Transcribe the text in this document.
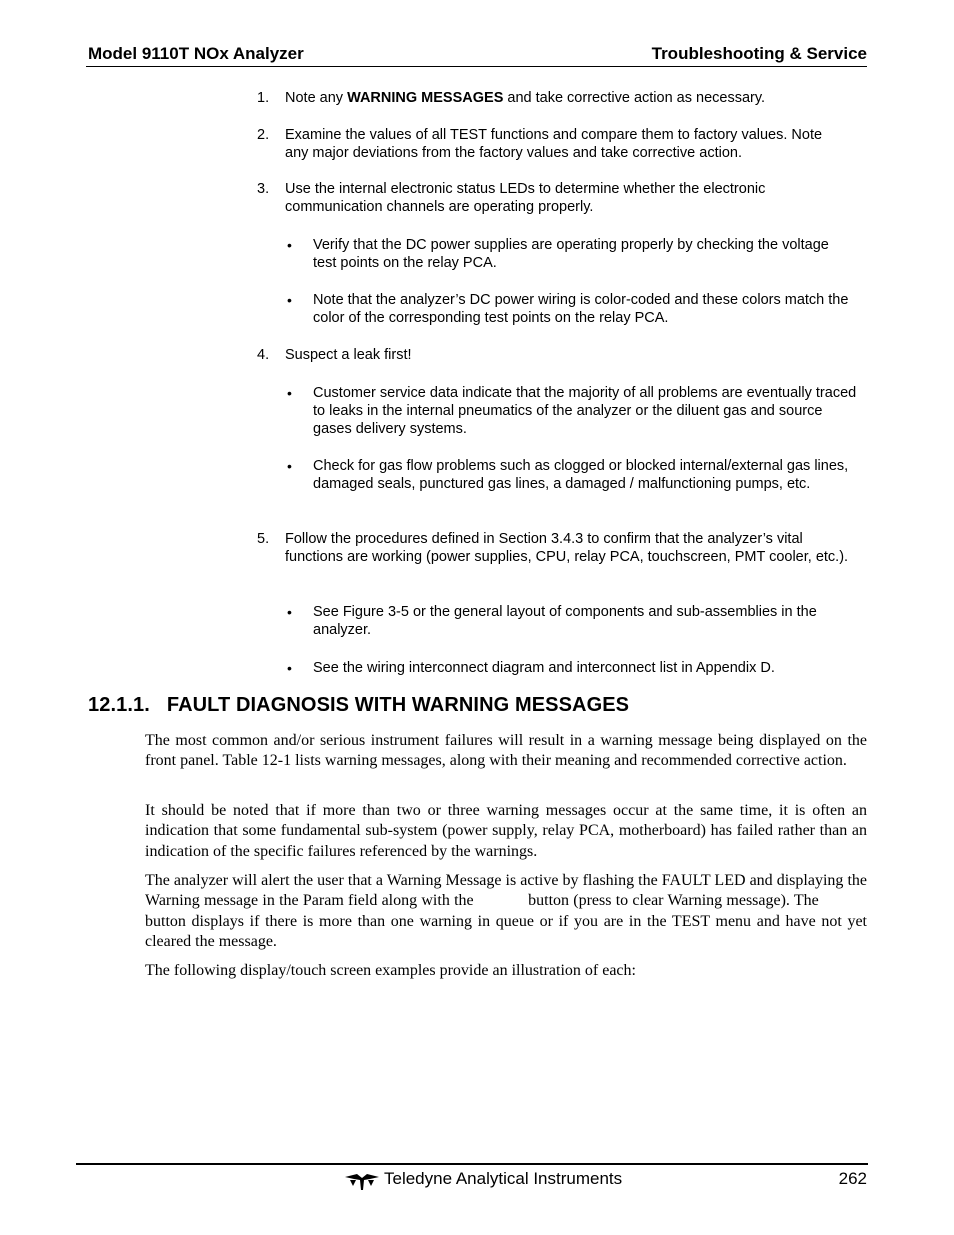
Model 9110T NOx Analyzer	Troubleshooting & Service
1.	Note any WARNING MESSAGES and take corrective action as necessary.
2.	Examine the values of all TEST functions and compare them to factory values. Note any major deviations from the factory values and take corrective action.
3.	Use the internal electronic status LEDs to determine whether the electronic communication channels are operating properly.
• Verify that the DC power supplies are operating properly by checking the voltage test points on the relay PCA.
• Note that the analyzer’s DC power wiring is color-coded and these colors match the color of the corresponding test points on the relay PCA.
4.	Suspect a leak first!
• Customer service data indicate that the majority of all problems are eventually traced to leaks in the internal pneumatics of the analyzer or the diluent gas and source gases delivery systems.
• Check for gas flow problems such as clogged or blocked internal/external gas lines, damaged seals, punctured gas lines, a damaged / malfunctioning pumps, etc.
5.	Follow the procedures defined in Section 3.4.3 to confirm that the analyzer’s vital functions are working (power supplies, CPU, relay PCA, touchscreen, PMT cooler, etc.).
• See Figure 3-5 or the general layout of components and sub-assemblies in the analyzer.
• See the wiring interconnect diagram and interconnect list in Appendix D.
12.1.1. FAULT DIAGNOSIS WITH WARNING MESSAGES
The most common and/or serious instrument failures will result in a warning message being displayed on the front panel. Table 12-1 lists warning messages, along with their meaning and recommended corrective action.
It should be noted that if more than two or three warning messages occur at the same time, it is often an indication that some fundamental sub-system (power supply, relay PCA, motherboard) has failed rather than an indication of the specific failures referenced by the warnings.
The analyzer will alert the user that a Warning Message is active by flashing the FAULT LED and displaying the Warning message in the Param field along with the	button (press to clear Warning message). The  button displays if there is more than one warning in queue or if you are in the TEST menu and have not yet cleared the message.
The following display/touch screen examples provide an illustration of each:
Teledyne Analytical Instruments	262
